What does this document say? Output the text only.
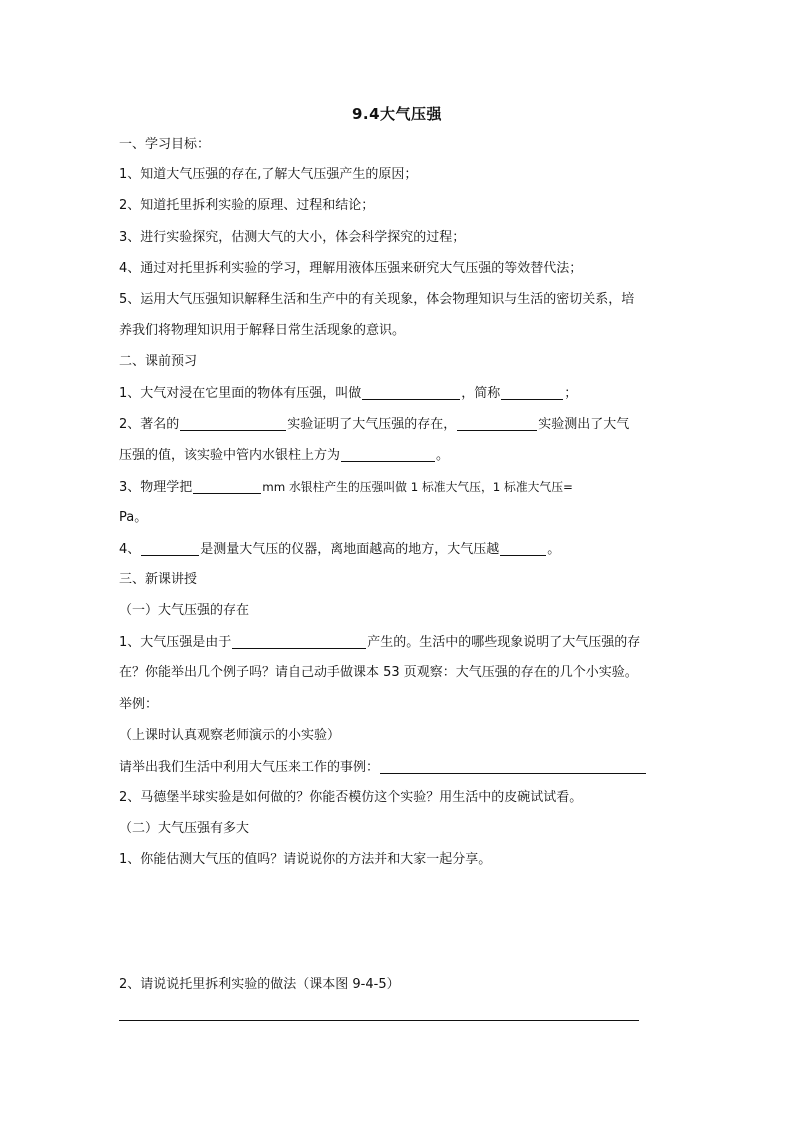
9.4大气压强
一、学习目标：
1、知道大气压强的存在,了解大气压强产生的原因；
2、知道托里拆利实验的原理、过程和结论；
3、进行实验探究，估测大气的大小，体会科学探究的过程；
4、通过对托里拆利实验的学习，理解用液体压强来研究大气压强的等效替代法；
5、运用大气压强知识解释生活和生产中的有关现象，体会物理知识与生活的密切关系，培
养我们将物理知识用于解释日常生活现象的意识。
二、课前预习
1、大气对浸在它里面的物体有压强，叫做	，简称	；
2、著名的	实验证明了大气压强的存在，	实验测出了大气
压强的值，该实验中管内水银柱上方为	。
3、物理学把	mm 水银柱产生的压强叫做 1 标准大气压，1 标准大气压=
Pa。
4、	是测量大气压的仪器，离地面越高的地方，大气压越	。
三、新课讲授
（一）大气压强的存在
1、大气压强是由于	产生的。生活中的哪些现象说明了大气压强的存
在？你能举出几个例子吗？请自己动手做课本 53 页观察：大气压强的存在的几个小实验。
举例：
（上课时认真观察老师演示的小实验）
请举出我们生活中利用大气压来工作的事例：
2、马德堡半球实验是如何做的？你能否模仿这个实验？用生活中的皮碗试试看。
（二）大气压强有多大
1、你能估测大气压的值吗？请说说你的方法并和大家一起分享。
2、请说说托里拆利实验的做法（课本图 9-4-5）
